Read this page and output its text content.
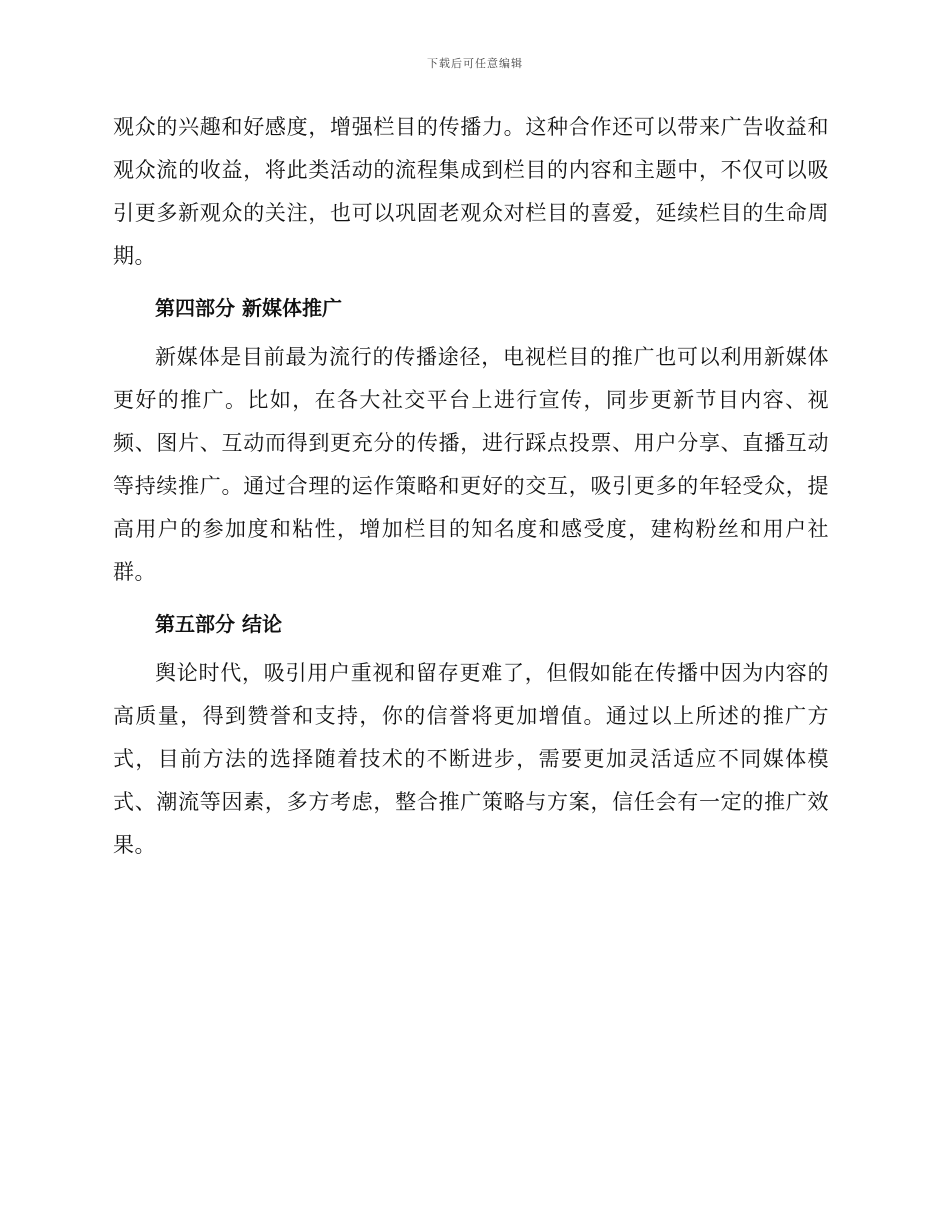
下载后可任意编辑

观众的兴趣和好感度，增强栏目的传播力。这种合作还可以带来广告收益和观众流的收益，将此类活动的流程集成到栏目的内容和主题中，不仅可以吸引更多新观众的关注，也可以巩固老观众对栏目的喜爱，延续栏目的生命周期。

第四部分 新媒体推广

新媒体是目前最为流行的传播途径，电视栏目的推广也可以利用新媒体更好的推广。比如，在各大社交平台上进行宣传，同步更新节目内容、视频、图片、互动而得到更充分的传播，进行踩点投票、用户分享、直播互动等持续推广。通过合理的运作策略和更好的交互，吸引更多的年轻受众，提高用户的参加度和粘性，增加栏目的知名度和感受度，建构粉丝和用户社群。

第五部分 结论

舆论时代，吸引用户重视和留存更难了，但假如能在传播中因为内容的高质量，得到赞誉和支持，你的信誉将更加增值。通过以上所述的推广方式，目前方法的选择随着技术的不断进步，需要更加灵活适应不同媒体模式、潮流等因素，多方考虑，整合推广策略与方案，信任会有一定的推广效果。
